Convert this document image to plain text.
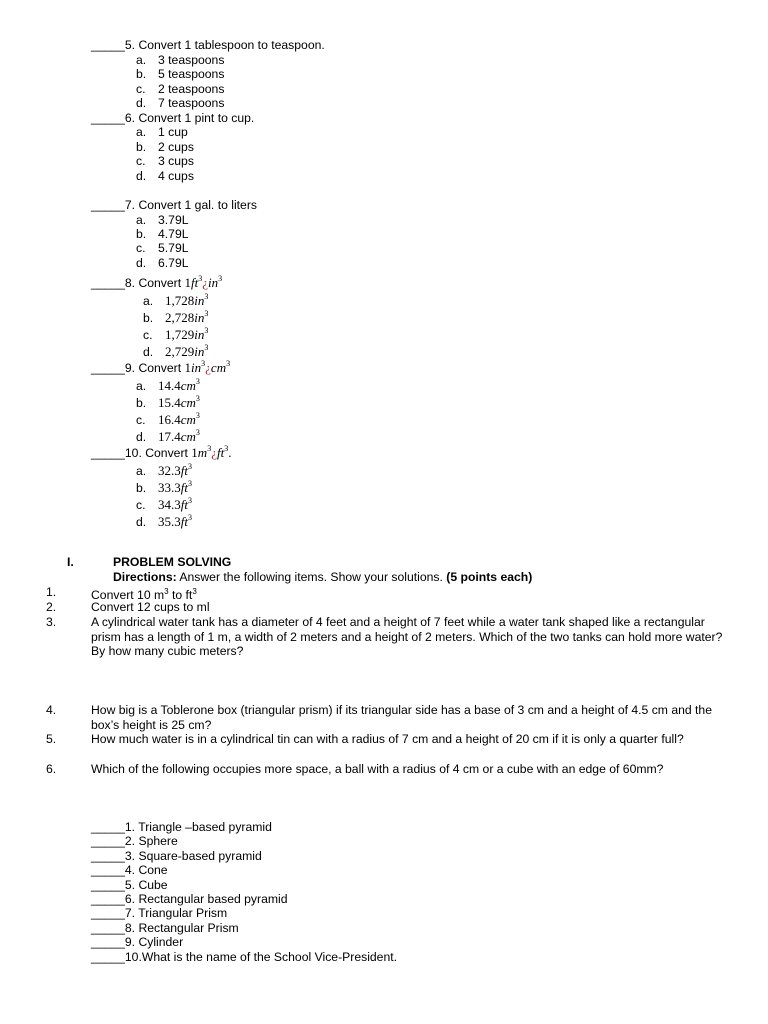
_____5. Convert 1 tablespoon to teaspoon.
a. 3 teaspoons
b. 5 teaspoons
c. 2 teaspoons
d. 7 teaspoons
_____6. Convert 1 pint to cup.
a. 1 cup
b. 2 cups
c. 3 cups
d. 4 cups
_____7. Convert 1 gal. to liters
a. 3.79L
b. 4.79L
c. 5.79L
d. 6.79L
_____8. Convert $1ft^3¿in^3$
a. $1,728in^3$
b. $2,728in^3$
c. $1,729in^3$
d. $2,729in^3$
_____9. Convert $1in^3¿cm^3$
a. $14.4cm^3$
b. $15.4cm^3$
c. $16.4cm^3$
d. $17.4cm^3$
_____10. Convert $1m^3¿ft^3$.
a. $32.3ft^3$
b. $33.3ft^3$
c. $34.3ft^3$
d. $35.3ft^3$
I.	PROBLEM SOLVING
Directions: Answer the following items. Show your solutions. (5 points each)
1.	Convert 10 $m^3$ to $ft^3$
2.	Convert 12 cups to ml
3.	A cylindrical water tank has a diameter of 4 feet and a height of 7 feet while a water tank shaped like a rectangular prism has a length of 1 m, a width of 2 meters and a height of 2 meters. Which of the two tanks can hold more water? By how many cubic meters?
4.	How big is a Toblerone box (triangular prism) if its triangular side has a base of 3 cm and a height of 4.5 cm and the box’s height is 25 cm?
5.	How much water is in a cylindrical tin can with a radius of 7 cm and a height of 20 cm if it is only a quarter full?
6.	Which of the following occupies more space, a ball with a radius of 4 cm or a cube with an edge of 60mm?
_____1. Triangle –based pyramid
_____2. Sphere
_____3. Square-based pyramid
_____4. Cone
_____5. Cube
_____6. Rectangular based pyramid
_____7. Triangular Prism
_____8. Rectangular Prism
_____9. Cylinder
_____10.What is the name of the School Vice-President.
